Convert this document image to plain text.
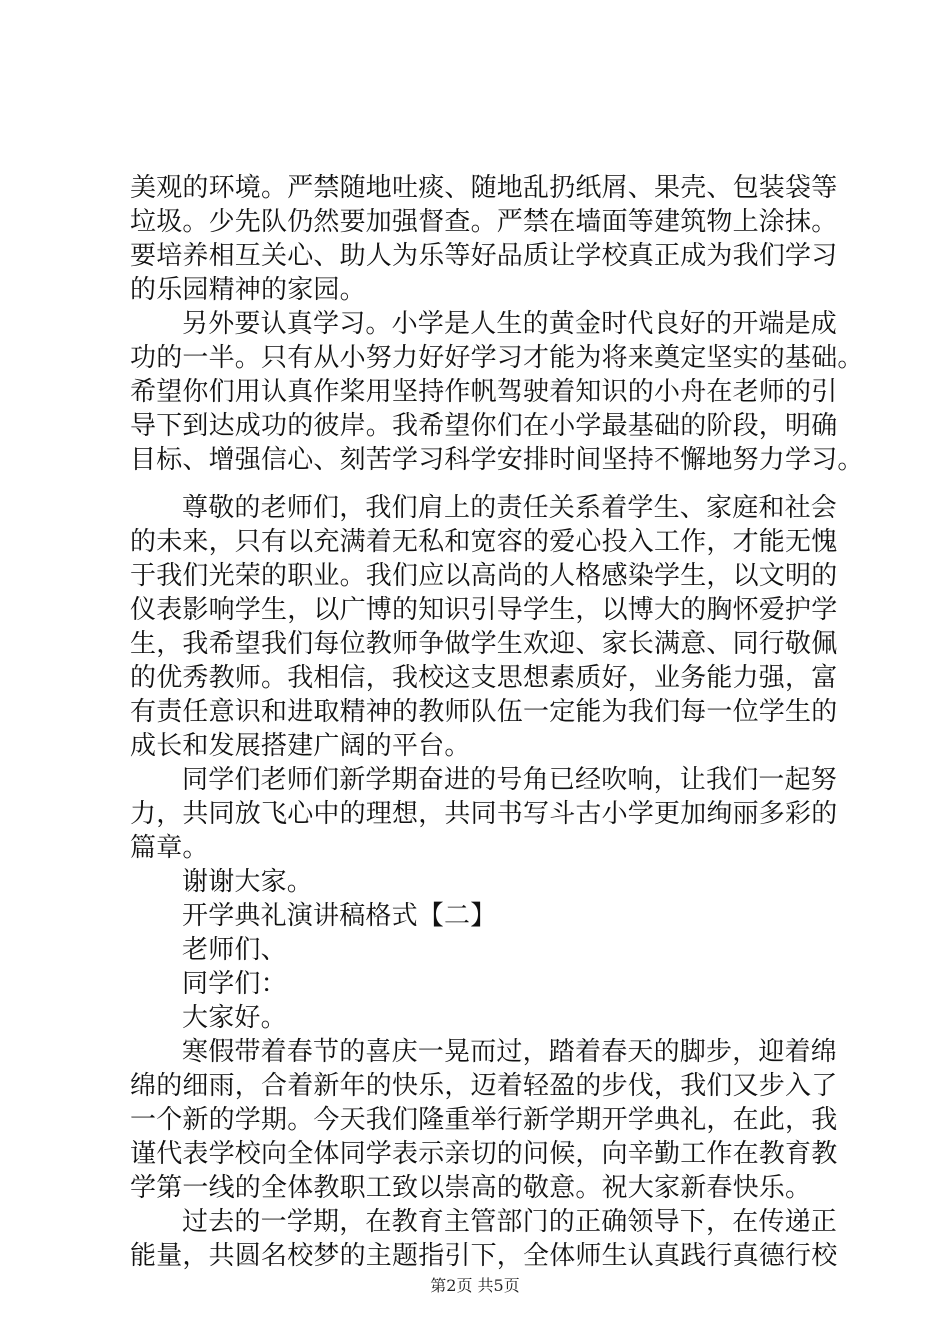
美观的环境。严禁随地吐痰、随地乱扔纸屑、果壳、包装袋等
垃圾。少先队仍然要加强督查。严禁在墙面等建筑物上涂抹。
要培养相互关心、助人为乐等好品质让学校真正成为我们学习
的乐园精神的家园。
另外要认真学习。小学是人生的黄金时代良好的开端是成
功的一半。只有从小努力好好学习才能为将来奠定坚实的基础。
希望你们用认真作桨用坚持作帆驾驶着知识的小舟在老师的引
导下到达成功的彼岸。我希望你们在小学最基础的阶段，明确
目标、增强信心、刻苦学习科学安排时间坚持不懈地努力学习。
尊敬的老师们，我们肩上的责任关系着学生、家庭和社会
的未来，只有以充满着无私和宽容的爱心投入工作，才能无愧
于我们光荣的职业。我们应以高尚的人格感染学生，以文明的
仪表影响学生，以广博的知识引导学生，以博大的胸怀爱护学
生，我希望我们每位教师争做学生欢迎、家长满意、同行敬佩
的优秀教师。我相信，我校这支思想素质好，业务能力强，富
有责任意识和进取精神的教师队伍一定能为我们每一位学生的
成长和发展搭建广阔的平台。
同学们老师们新学期奋进的号角已经吹响，让我们一起努
力，共同放飞心中的理想，共同书写斗古小学更加绚丽多彩的
篇章。
谢谢大家。
开学典礼演讲稿格式【二】
老师们、
同学们：
大家好。
寒假带着春节的喜庆一晃而过，踏着春天的脚步，迎着绵
绵的细雨，合着新年的快乐，迈着轻盈的步伐，我们又步入了
一个新的学期。今天我们隆重举行新学期开学典礼，在此，我
谨代表学校向全体同学表示亲切的问候，向辛勤工作在教育教
学第一线的全体教职工致以崇高的敬意。祝大家新春快乐。
过去的一学期，在教育主管部门的正确领导下，在传递正
能量，共圆名校梦的主题指引下，全体师生认真践行真德行校
第2页 共5页
